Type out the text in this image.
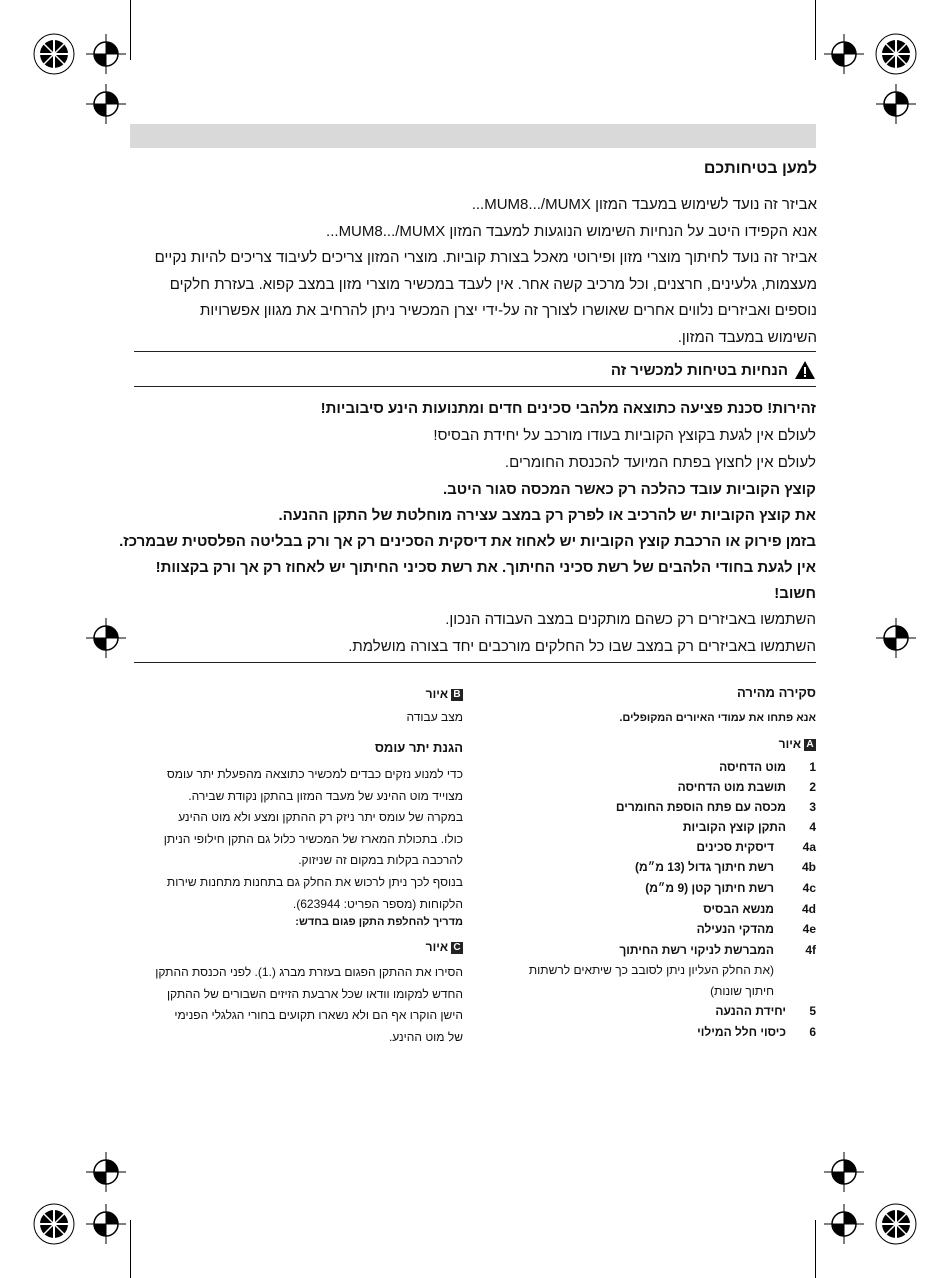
למען בטיחותכם
אביזר זה נועד לשימוש במעבד המזון MUM8.../MUMX...
אנא הקפידו היטב על הנחיות השימוש הנוגעות למעבד המזון MUM8.../MUMX...
אביזר זה נועד לחיתוך מוצרי מזון ופירוטי מאכל בצורת קוביות. מוצרי המזון צריכים לעיבוד צריכים להיות נקיים
מעצמות, גלעינים, חרצנים, וכל מרכיב קשה אחר. אין לעבד במכשיר מוצרי מזון במצב קפוא. בעזרת חלקים
נוספים ואביזרים נלווים אחרים שאושרו לצורך זה על-ידי יצרן המכשיר ניתן להרחיב את מגוון אפשרויות
השימוש במעבד המזון.
הנחיות בטיחות למכשיר זה
זהירות! סכנת פציעה כתוצאה מלהבי סכינים חדים ומתנועות הינע סיבוביות!
לעולם אין לגעת בקוצץ הקוביות בעודו מורכב על יחידת הבסיס!
לעולם אין לחצוץ בפתח המיועד להכנסת החומרים.
קוצץ הקוביות עובד כהלכה רק כאשר המכסה סגור היטב.
את קוצץ הקוביות יש להרכיב או לפרק רק במצב עצירה מוחלטת של התקן ההנעה.
בזמן פירוק או הרכבת קוצץ הקוביות יש לאחוז את דיסקית הסכינים רק אך ורק בבליטה הפלסטית שבמרכז.
אין לגעת בחודי הלהבים של רשת סכיני החיתוך. את רשת סכיני החיתוך יש לאחוז רק אך ורק בקצוות!
חשוב!
השתמשו באביזרים רק כשהם מותקנים במצב העבודה הנכון.
השתמשו באביזרים רק במצב שבו כל החלקים מורכבים יחד בצורה מושלמת.
סקירה מהירה
אנא פתחו את עמודי האיורים המקופלים.
Aאיור
1
מוט הדחיסה
2
תושבת מוט הדחיסה
3
מכסה עם פתח הוספת החומרים
4
התקן קוצץ הקוביות
4a
דיסקית סכינים
4b
רשת חיתוך גדול (13 מ״מ)
4c
רשת חיתוך קטן (9 מ״מ)
4d
מנשא הבסיס
4e
מהדקי הנעילה
4f
המברשת לניקוי רשת החיתוך
(את החלק העליון ניתן לסובב כך שיתאים לרשתות
חיתוך שונות)
5
יחידת ההנעה
6
כיסוי חלל המילוי
Bאיור
מצב עבודה
הגנת יתר עומס
כדי למנוע נזקים כבדים למכשיר כתוצאה מהפעלת יתר עומס
מצוייד מוט ההינע של מעבד המזון בהתקן נקודת שבירה.
במקרה של עומס יתר ניזק רק ההתקן ומצע ולא מוט ההינע
כולו. בתכולת המארז של המכשיר כלול גם התקן חילופי הניתן
להרכבה בקלות במקום זה שניזוק.
בנוסף לכך ניתן לרכוש את החלק גם בתחנות מתחנות שירות
הלקוחות (מספר הפריט: 623944).
מדריך להחלפת התקן פגום בחדש:
Cאיור
הסירו את ההתקן הפגום בעזרת מברג (.1). לפני הכנסת ההתקן
החדש למקומו וודאו שכל ארבעת הזיזים השבורים של ההתקן
הישן הוקרו אף הם ולא נשארו תקועים בחורי הגלגלי הפנימי
של מוט ההינע.
